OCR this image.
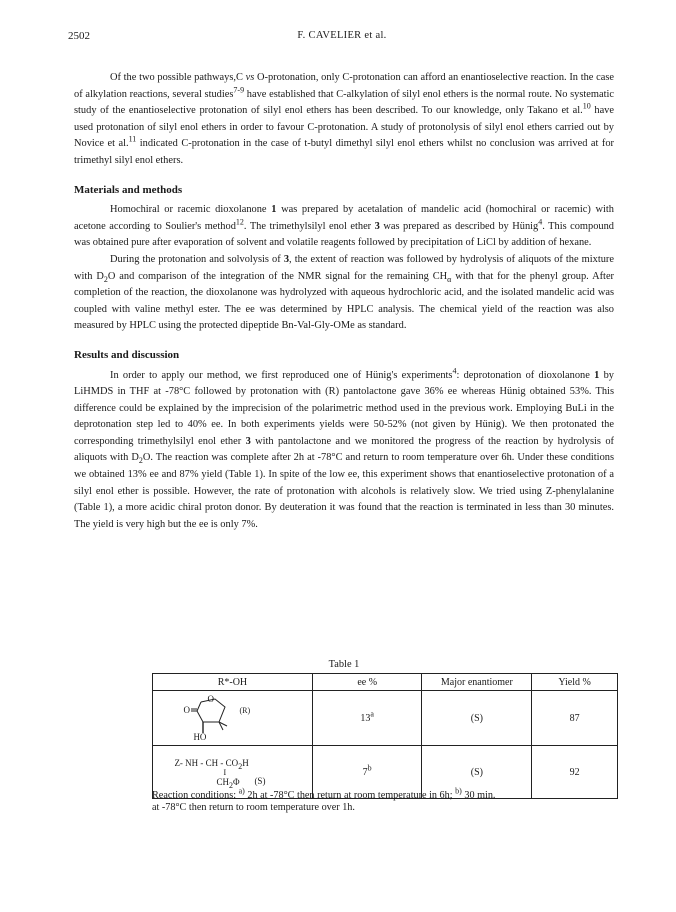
2502	F. CAVELIER et al.

Of the two possible pathways,C vs O-protonation, only C-protonation can afford an enantioselective reaction. In the case of alkylation reactions, several studies$^{7-9}$ have established that C-alkylation of silyl enol ethers is the normal route. No systematic study of the enantioselective protonation of silyl enol ethers has been described. To our knowledge, only Takano et al.$^{10}$ have used protonation of silyl enol ethers in order to favour C-protonation. A study of protonolysis of silyl enol ethers carried out by Novice et al.$^{11}$ indicated C-protonation in the case of t-butyl dimethyl silyl enol ethers whilst no conclusion was arrived at for trimethyl silyl enol ethers.

Materials and methods

Homochiral or racemic dioxolanone 1 was prepared by acetalation of mandelic acid (homochiral or racemic) with acetone according to Soulier's method$^{12}$. The trimethylsilyl enol ether 3 was prepared as described by Hünig$^4$. This compound was obtained pure after evaporation of solvent and volatile reagents followed by precipitation of LiCl by addition of hexane.

During the protonation and solvolysis of 3, the extent of reaction was followed by hydrolysis of aliquots of the mixture with $D_2O$ and comparison of the integration of the NMR signal for the remaining $CH_\alpha$ with that for the phenyl group. After completion of the reaction, the dioxolanone was hydrolyzed with aqueous hydrochloric acid, and the isolated mandelic acid was coupled with valine methyl ester. The ee was determined by HPLC analysis. The chemical yield of the reaction was also measured by HPLC using the protected dipeptide Bn-Val-Gly-OMe as standard.

Results and discussion

In order to apply our method, we first reproduced one of Hünig's experiments$^4$: deprotonation of dioxolanone 1 by LiHMDS in THF at -78°C followed by protonation with (R) pantolactone gave 36% ee whereas Hünig obtained 53%. This difference could be explained by the imprecision of the polarimetric method used in the previous work. Employing BuLi in the deprotonation step led to 40% ee. In both experiments yields were 50-52% (not given by Hünig). We then protonated the corresponding trimethylsilyl enol ether 3 with pantolactone and we monitored the progress of the reaction by hydrolysis of aliquots with $D_2O$. The reaction was complete after 2h at -78°C and return to room temperature over 6h. Under these conditions we obtained 13% ee and 87% yield (Table 1). In spite of the low ee, this experiment shows that enantioselective protonation of a silyl enol ether is possible. However, the rate of protonation with alcohols is relatively slow. We tried using Z-phenylalanine (Table 1), a more acidic chiral proton donor. By deuteration it was found that the reaction is terminated in less than 30 minutes. The yield is very high but the ee is only 7%.

Table 1
R*-OH	ee %	Major enantiomer	Yield %

O
O (R)
HO	13$^a$	(S)	87

Z- NH - CH - $CO_2H$
I
$CH_2\Phi$ (S)	7$^b$	(S)	92
Reaction conditions: $^{a)}$ 2h at -78°C then return at room temperature in 6h; $^{b)}$ 30 min.
at -78°C then return to room temperature over 1h.
